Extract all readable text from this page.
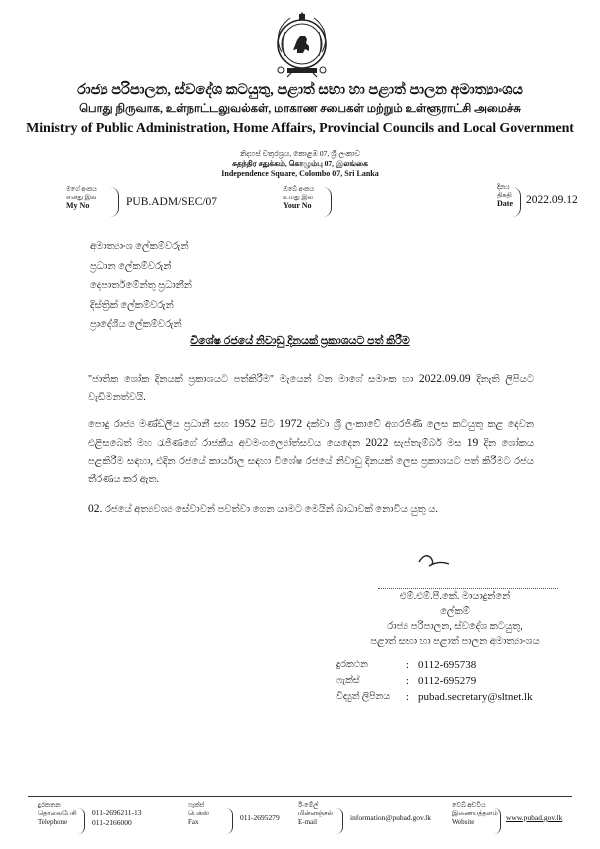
රාජ්‍ය පරිපාලන, ස්වදේශ කටයුතු, පළාත් සභා හා පළාත් පාලන අමාත්‍යාංශය
பொது நிருவாக, உள்நாட்டலுவல்கள், மாகாண சபைகள் மற்றும் உள்ளூராட்சி அமைச்சு
Ministry of Public Administration, Home Affairs, Provincial Councils and Local Government
නිදහස් චතුරශ්‍රය, කොළඹ 07, ශ්‍රී ලංකාව
சுதந்திர சதுக்கம், கொழும்பு 07, இலங்கை
Independence Square, Colombo 07, Sri Lanka
මගේ අංකය
எனது இல
My No	PUB.ADM/SEC/07
ඔබේ අංකය
உமது இல
Your No
දිනය
திகதி
Date 2022.09.12
අමාත්‍යාංශ ලේකම්වරුන්
ප්‍රධාන ලේකම්වරුන්
දෙපාර්තමේන්තු ප්‍රධානීන්
දිස්ත්‍රික් ලේකම්වරුන්
ප්‍රාදේශීය ලේකම්වරුන්
විශේෂ රජයේ නිවාඩු දිනයක් ප්‍රකාශයට පත් කිරීම
"ජාතික ශෝක දිනයක් ප්‍රකාශයට පත්කිරීම" මැයෙන් වන මාගේ සමාංක හා 2022.09.09 දිනැති ලිපියට වැඩිමනත්වයි.
පොදු රාජ්‍ය මණ්ඩලීය ප්‍රධානී සහ 1952 සිට 1972 දක්වා ශ්‍රී ලංකාවේ අගරජිණි ලෙස කටයුතු කළ දෙවන එළිසබෙත් මහ රැජිණගේ රාජකීය අවමංගල්‍යෝත්සවය යෙදෙන 2022 සැප්තැම්බර් මස 19 දින ශෝකය පළකිරීම සඳහා, එදින රජයේ කාර්යාල සඳහා විශේෂ රජයේ නිවාඩු දිනයක් ලෙස ප්‍රකාශයට පත් කිරීමට රජය තීරණය කර ඇත.
02. රජයේ අත්‍යවශ්‍ය සේවාවන් පවත්වා ගෙන යාමට මෙයින් බාධාවක් නොවිය යුතු ය.
එම්.එම්.පී.කේ. මායාදුන්නේ
ලේකම්
රාජ්‍ය පරිපාලන, ස්වදේශ කටයුතු,
පළාත් සභා හා පළාත් පාලන අමාත්‍යාංශය
දුරකථන	: 0112-695738
ෆැක්ස්	: 0112-695279
විද්‍යුත් ලිපිනය	: pubad.secretary@sltnet.lk
දුරකතන
தொலைபேசி
Telephone
011-2696211-13
011-2166000
ෆැක්ස්
பெக்ஸ்
Fax	011-2695279
ඊ-මේල්
மின்னஞ்சல்
E-mail	information@pubad.gov.lk
වෙබ් අඩවිය
இணையத்தளம்
Website	www.pubad.gov.lk
